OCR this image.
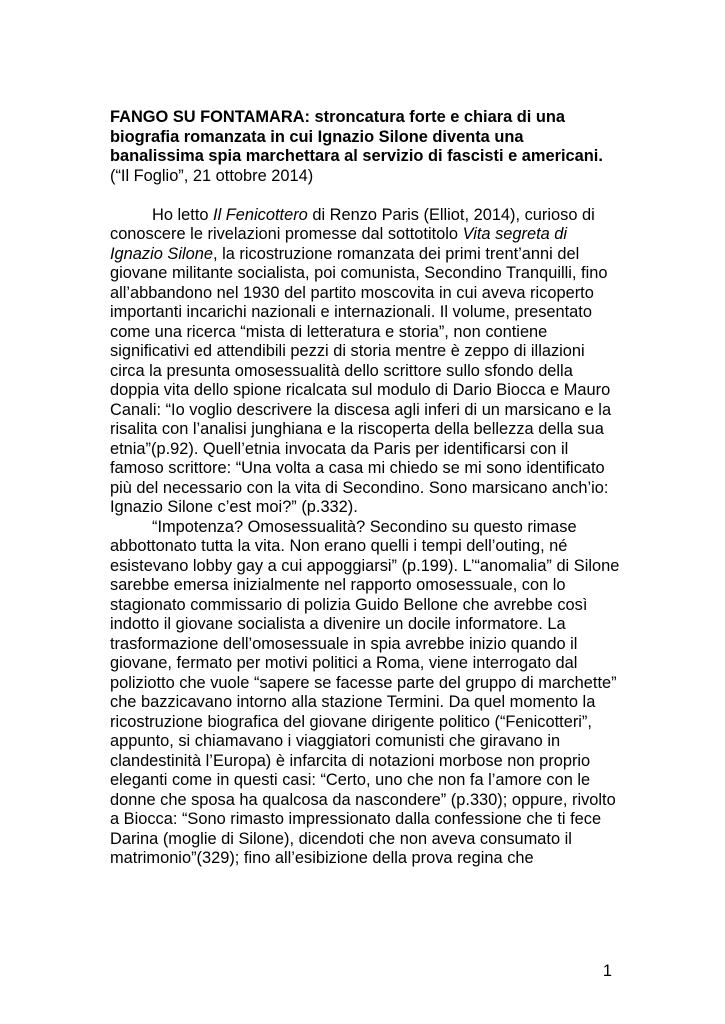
FANGO SU FONTAMARA: stroncatura forte e chiara di una biografia romanzata in cui Ignazio Silone diventa una banalissima spia marchettara al servizio di fascisti e americani.
(“Il Foglio”, 21 ottobre 2014)
Ho letto Il Fenicottero di Renzo Paris (Elliot, 2014), curioso di conoscere le rivelazioni promesse dal sottotitolo Vita segreta di Ignazio Silone, la ricostruzione romanzata dei primi trent’anni del giovane militante socialista, poi comunista, Secondino Tranquilli, fino all’abbandono nel 1930 del partito moscovita in cui aveva ricoperto importanti incarichi nazionali e internazionali. Il volume, presentato come una ricerca “mista di letteratura e storia”, non contiene significativi ed attendibili pezzi di storia mentre è zeppo di illazioni circa la presunta omosessualità dello scrittore sullo sfondo della doppia vita dello spione ricalcata sul modulo di Dario Biocca e Mauro Canali: “Io voglio descrivere la discesa agli inferi di un marsicano e la risalita con l’analisi junghiana e la riscoperta della bellezza della sua etnia”(p.92). Quell’etnia invocata da Paris per identificarsi con il famoso scrittore: “Una volta a casa mi chiedo se mi sono identificato più del necessario con la vita di Secondino. Sono marsicano anch’io: Ignazio Silone c’est moi?” (p.332).
“Impotenza? Omosessualità? Secondino su questo rimase abbottonato tutta la vita. Non erano quelli i tempi dell’outing, né esistevano lobby gay a cui appoggiarsi” (p.199). L’“anomalia” di Silone sarebbe emersa inizialmente nel rapporto omosessuale, con lo stagionato commissario di polizia Guido Bellone che avrebbe così indotto il giovane socialista a divenire un docile informatore. La trasformazione dell’omosessuale in spia avrebbe inizio quando il giovane, fermato per motivi politici a Roma, viene interrogato dal poliziotto che vuole “sapere se facesse parte del gruppo di marchette” che bazzicavano intorno alla stazione Termini. Da quel momento la ricostruzione biografica del giovane dirigente politico (“Fenicotteri”, appunto, si chiamavano i viaggiatori comunisti che giravano in clandestinità l’Europa) è infarcita di notazioni morbose non proprio eleganti come in questi casi: “Certo, uno che non fa l’amore con le donne che sposa ha qualcosa da nascondere” (p.330); oppure, rivolto a Biocca: “Sono rimasto impressionato dalla confessione che ti fece Darina (moglie di Silone), dicendoti che non aveva consumato il matrimonio”(329); fino all’esibizione della prova regina che
1
